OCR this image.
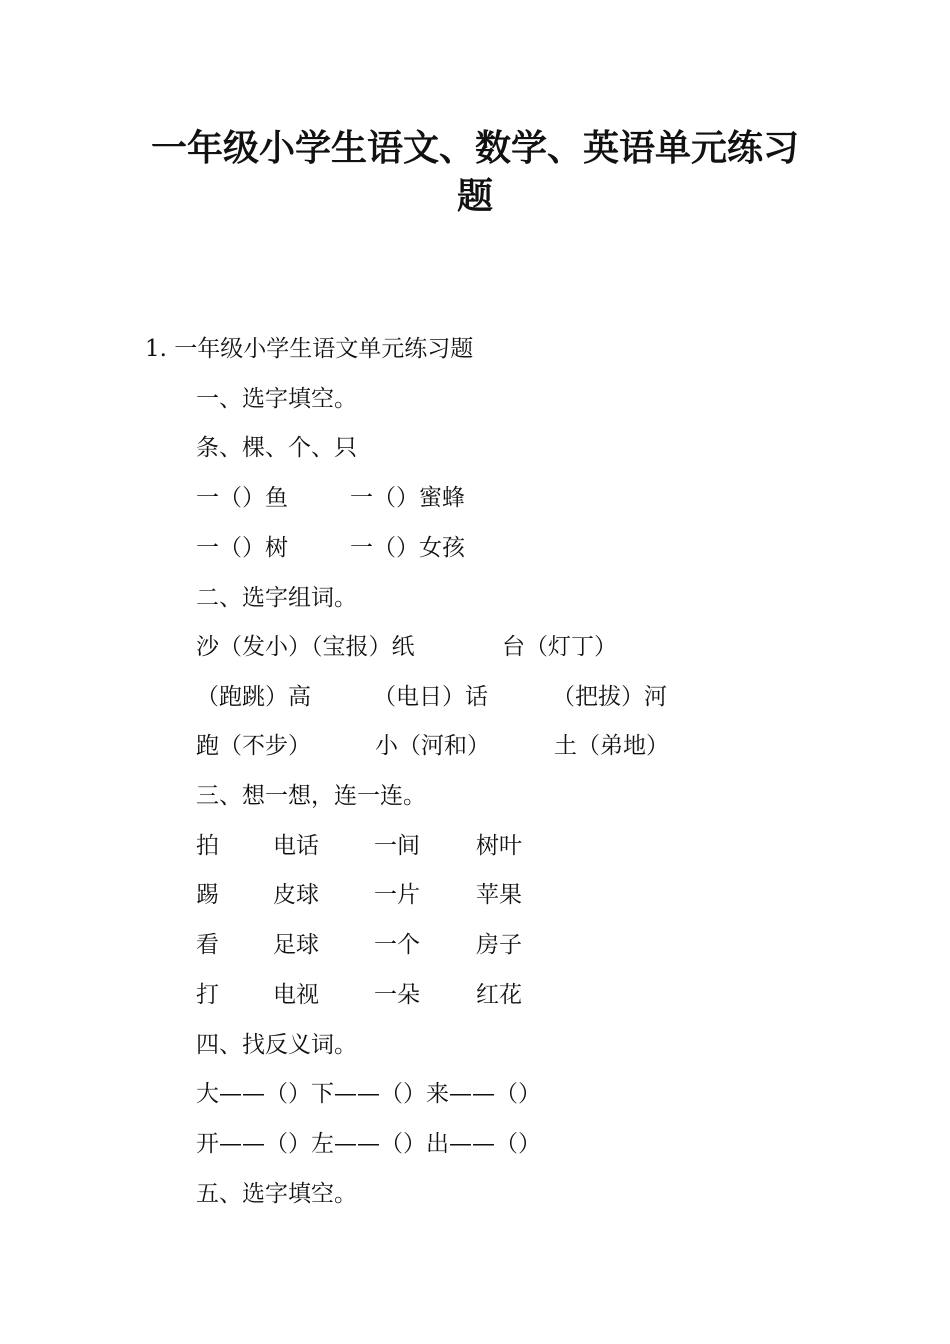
一年级小学生语文、数学、英语单元练习
题
1. 一年级小学生语文单元练习题
一、选字填空。
条、棵、个、只
一（）鱼	一（）蜜蜂
一（）树	一（）女孩
二、选字组词。
沙（发小）（宝报）纸	台（灯丁）
（跑跳）高	（电日）话	（把拔）河
跑（不步）	小（河和）	土（弟地）
三、想一想，连一连。
拍 电话 一间 树叶
踢 皮球 一片 苹果
看 足球 一个 房子
打 电视 一朵 红花
四、找反义词。
大——（）下——（）来——（）
开——（）左——（）出——（）
五、选字填空。
